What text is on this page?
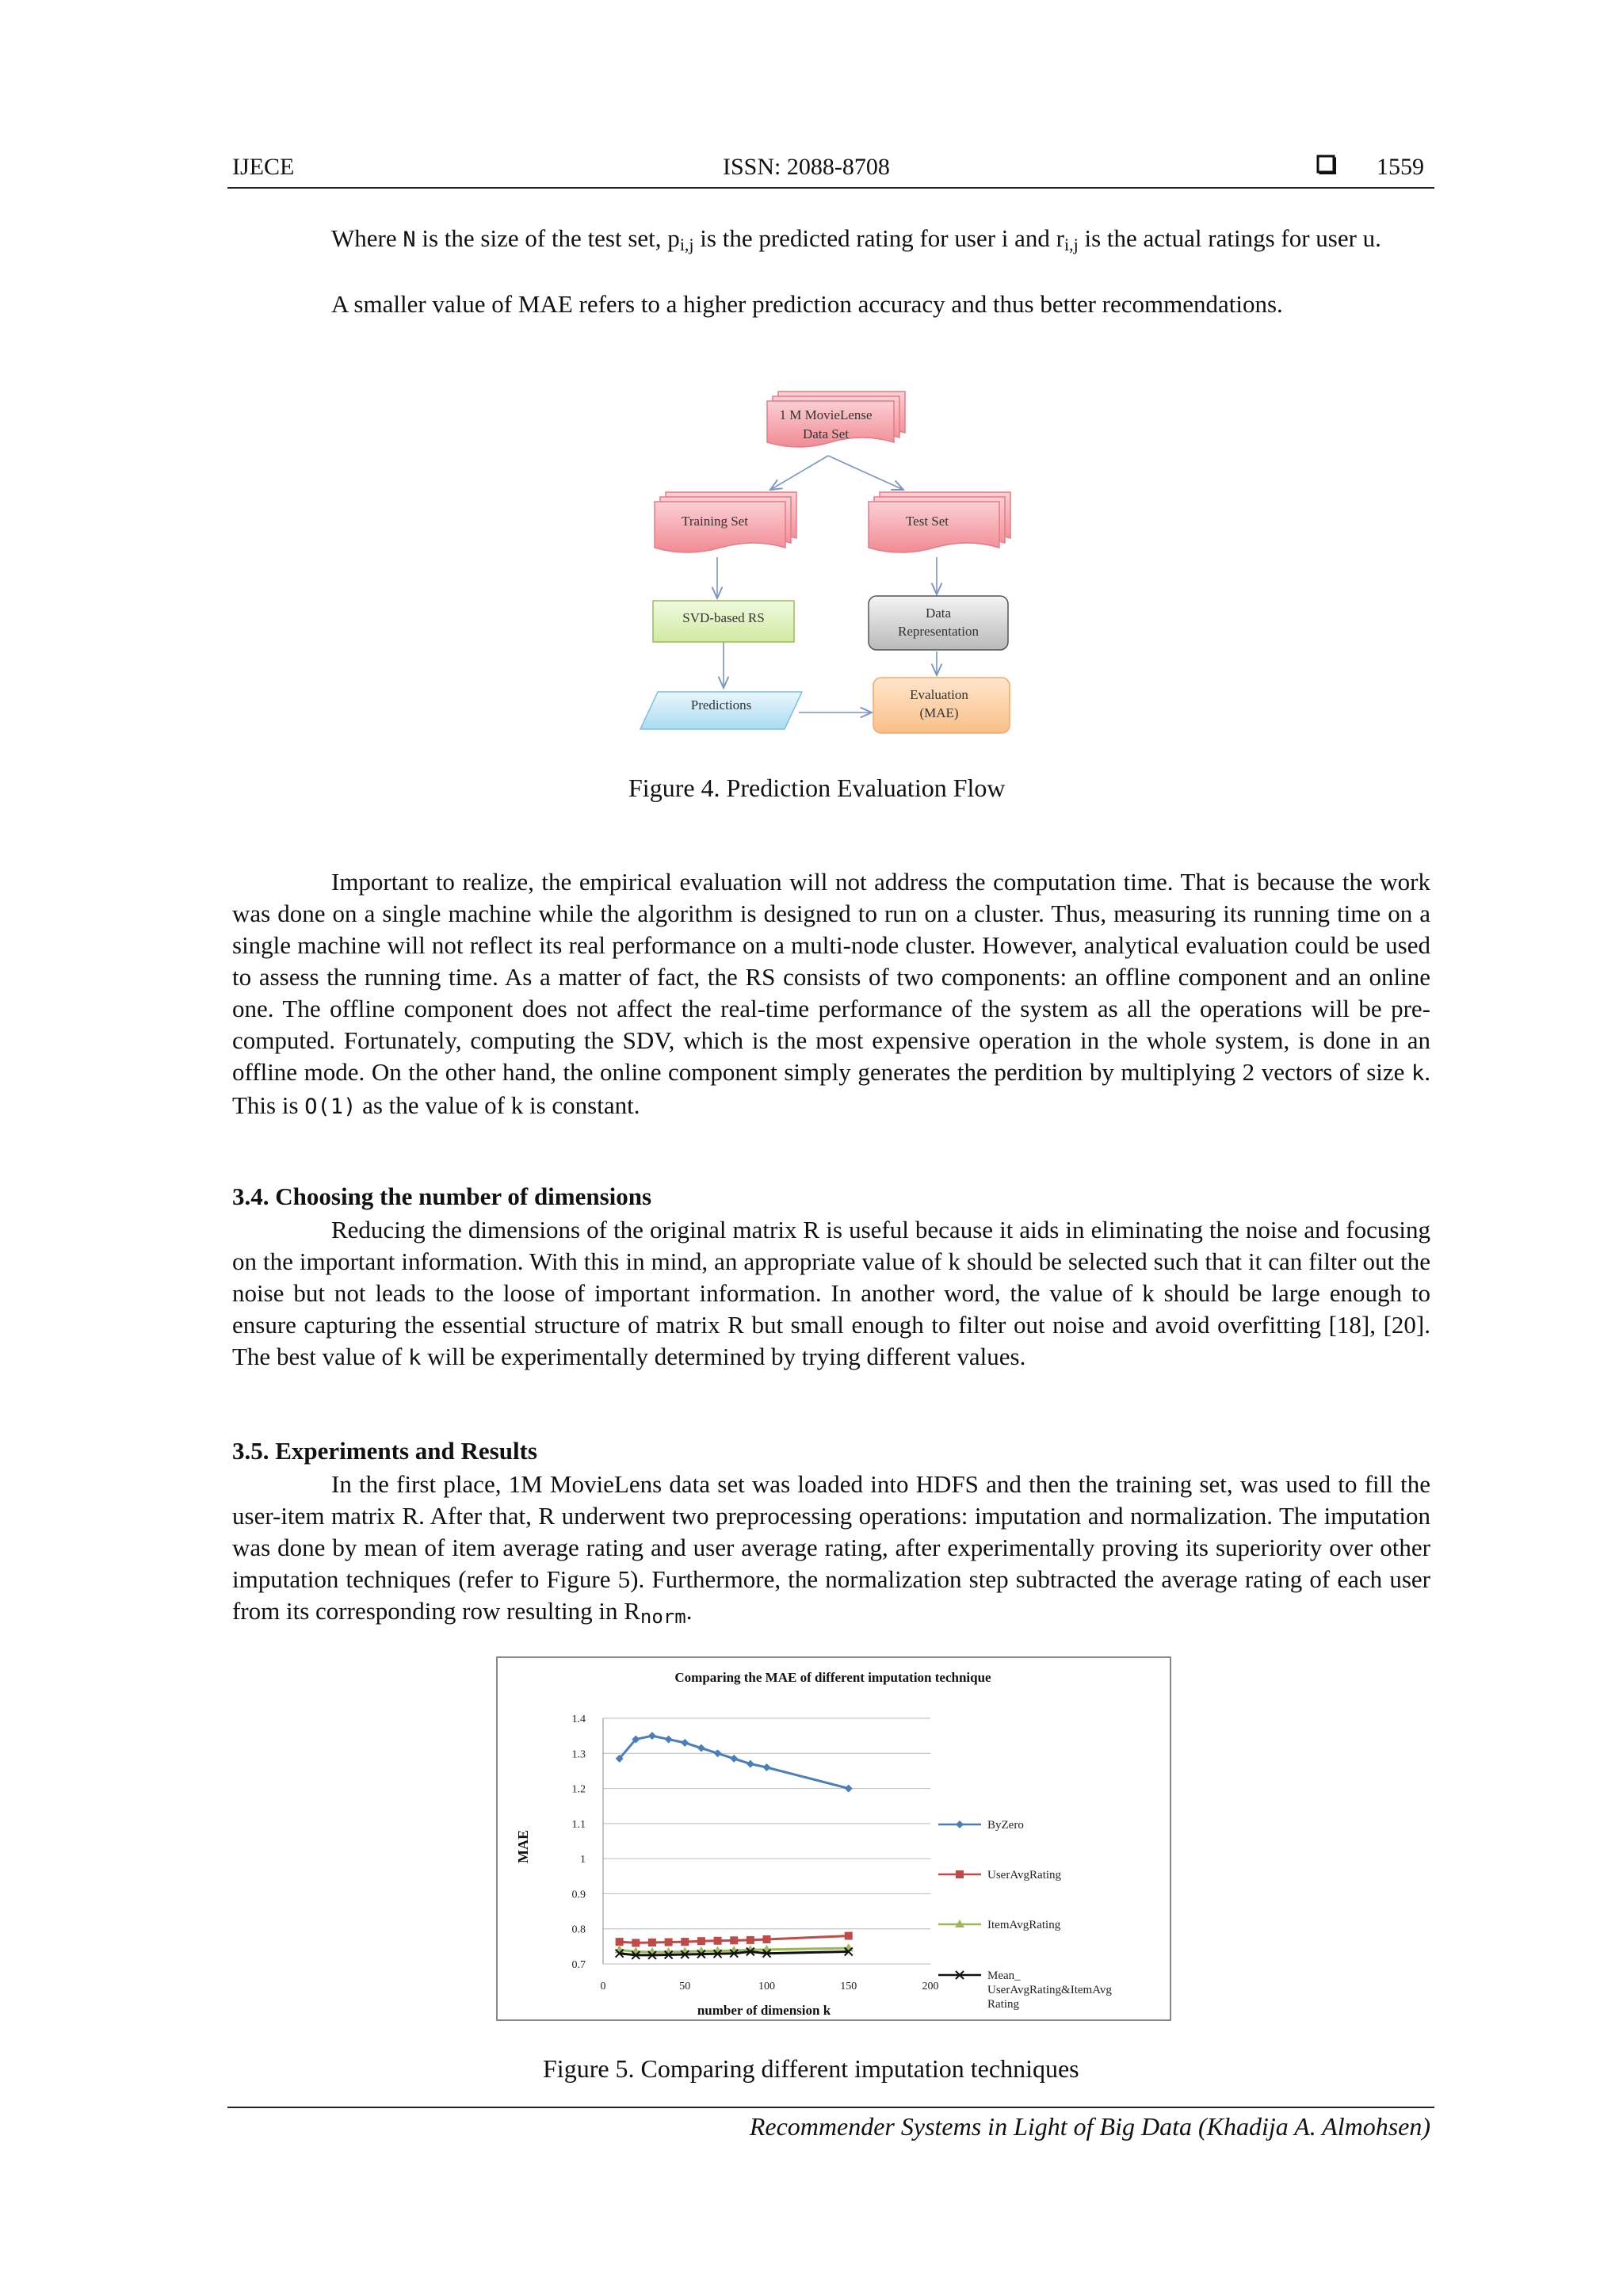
IJECE	ISSN: 2088-8708	1559

Where N is the size of the test set, $p_{i,j}$ is the predicted rating for user i and $r_{i,j}$ is the actual ratings for user u.

A smaller value of MAE refers to a higher prediction accuracy and thus better recommendations.

1 M MovieLense
Data Set
Training Set	Test Set
SVD-based RS	Data
Representation
Predictions
Evaluation
(MAE)
Figure 4. Prediction Evaluation Flow

Important to realize, the empirical evaluation will not address the computation time. That is because the work was done on a single machine while the algorithm is designed to run on a cluster. Thus, measuring its running time on a single machine will not reflect its real performance on a multi-node cluster. However, analytical evaluation could be used to assess the running time. As a matter of fact, the RS consists of two components: an offline component and an online one. The offline component does not affect the real-time performance of the system as all the operations will be pre-computed. Fortunately, computing the SDV, which is the most expensive operation in the whole system, is done in an offline mode. On the other hand, the online component simply generates the perdition by multiplying 2 vectors of size k. This is O(1) as the value of k is constant.

3.4. Choosing the number of dimensions

Reducing the dimensions of the original matrix R is useful because it aids in eliminating the noise and focusing on the important information. With this in mind, an appropriate value of k should be selected such that it can filter out the noise but not leads to the loose of important information. In another word, the value of k should be large enough to ensure capturing the essential structure of matrix R but small enough to filter out noise and avoid overfitting [18], [20]. The best value of k will be experimentally determined by trying different values.

3.5. Experiments and Results

In the first place, 1M MovieLens data set was loaded into HDFS and then the training set, was used to fill the user-item matrix R. After that, R underwent two preprocessing operations: imputation and normalization. The imputation was done by mean of item average rating and user average rating, after experimentally proving its superiority over other imputation techniques (refer to Figure 5). Furthermore, the normalization step subtracted the average rating of each user from its corresponding row resulting in $R_{norm}$.

Comparing the MAE of different imputation technique
0.7
0.8
0.9
1
1.1
1.2
1.3
1.4
0	50	100	150	200
ByZero
UserAvgRating
ItemAvgRating
Mean_
UserAvgRating&ItemAvg
Rating
MAE
number of dimension k
Figure 5. Comparing different imputation techniques
Recommender Systems in Light of Big Data (Khadija A. Almohsen)
